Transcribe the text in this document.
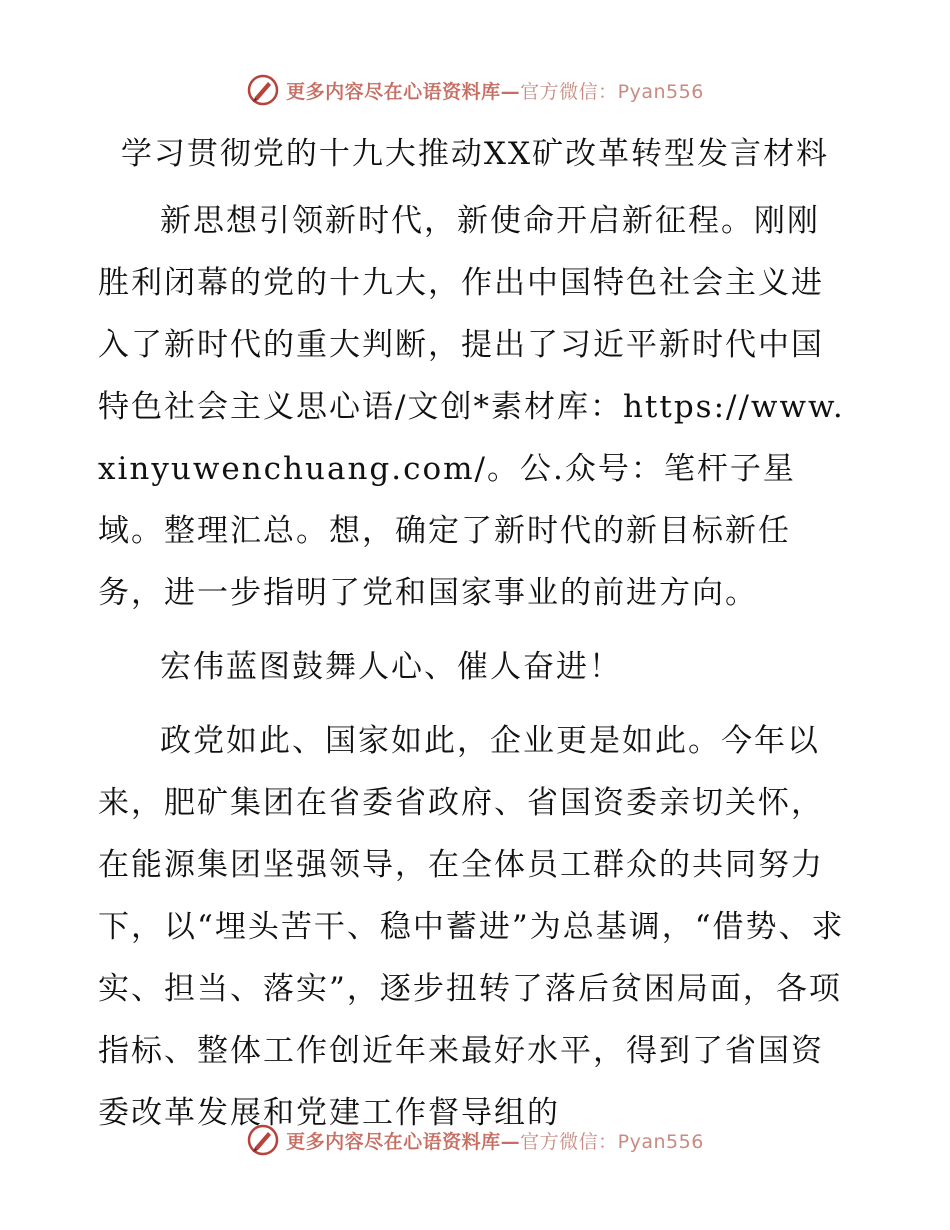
更多内容尽在心语资料库—官方微信：Pyan556
学习贯彻党的十九大推动XX矿改革转型发言材料

新思想引领新时代，新使命开启新征程。刚刚胜利闭幕的党的十九大，作出中国特色社会主义进入了新时代的重大判断，提出了习近平新时代中国特色社会主义思心语/文创*素材库：https://www.xinyuwenchuang.com/。公.众号：笔杆子星域。整理汇总。想，确定了新时代的新目标新任务，进一步指明了党和国家事业的前进方向。

宏伟蓝图鼓舞人心、催人奋进！

政党如此、国家如此，企业更是如此。今年以来，肥矿集团在省委省政府、省国资委亲切关怀，在能源集团坚强领导，在全体员工群众的共同努力下，以“埋头苦干、稳中蓄进”为总基调，“借势、求实、担当、落实”，逐步扭转了落后贫困局面，各项指标、整体工作创近年来最好水平，得到了省国资委改革发展和党建工作督导组的

更多内容尽在心语资料库—官方微信：Pyan556
